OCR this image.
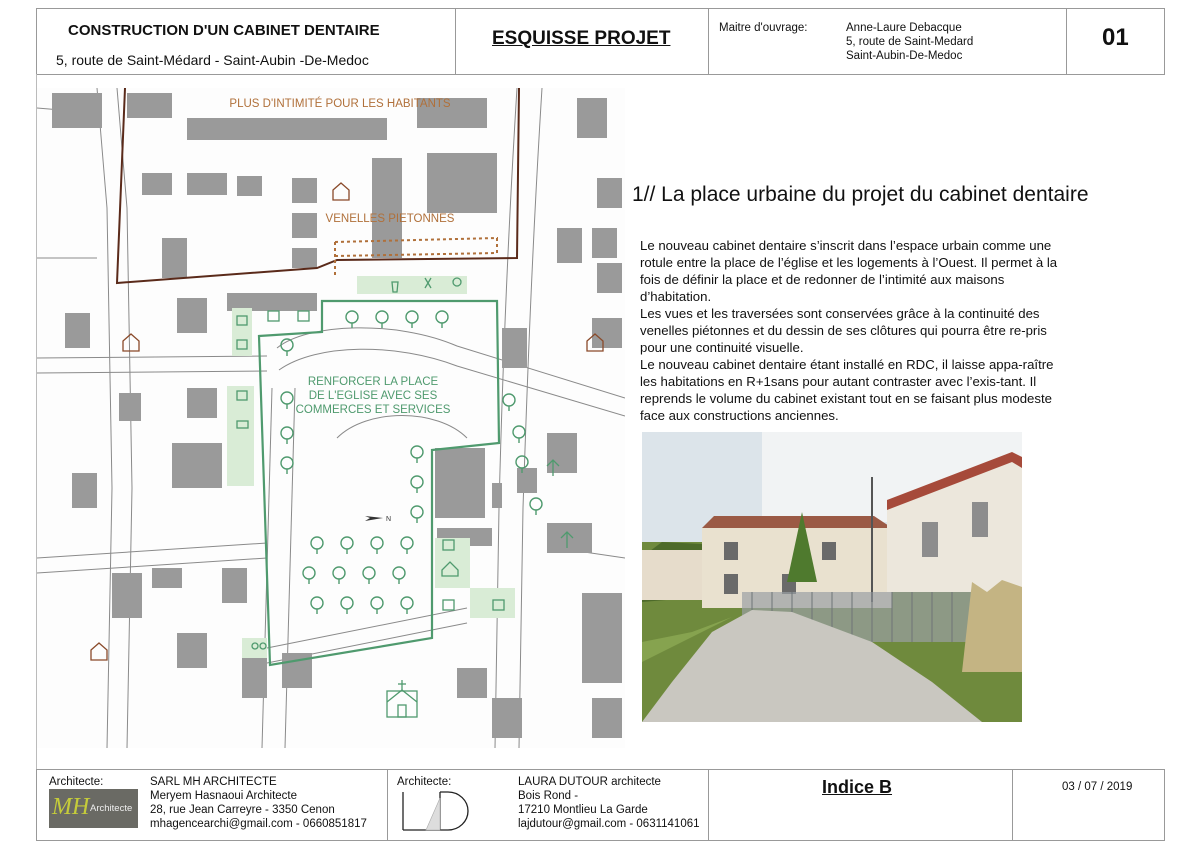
CONSTRUCTION D'UN CABINET DENTAIRE
5, route de Saint-Médard - Saint-Aubin -De-Medoc
ESQUISSE PROJET	Maitre d'ouvrage:	Anne-Laure Debacque
5, route de Saint-Medard
Saint-Aubin-De-Medoc
01
PLUS D'INTIMITÉ POUR LES HABITANTS
VENELLES PIETONNES
RENFORCER LA PLACE
DE L'EGLISE AVEC SES
COMMERCES ET SERVICES
N
1// La place urbaine du projet du cabinet dentaire

Le nouveau cabinet dentaire s’inscrit dans l’espace urbain comme une rotule entre la place de l’église et les logements à l’Ouest. Il permet à la fois de définir la place et de redonner de l’intimité aux maisons d’habitation.

Les vues et les traversées sont conservées grâce à la continuité des venelles piétonnes et du dessin de ses clôtures qui pourra être re-pris pour une continuité visuelle.

Le nouveau cabinet dentaire étant installé en RDC, il laisse appa-raître les habitations en R+1sans pour autant contraster avec l’exis-tant. Il reprends le volume du cabinet existant tout en se faisant plus modeste face aux constructions anciennes.

Architecte:
MH Architecte
SARL MH ARCHITECTE
Meryem Hasnaoui Architecte
28, rue Jean Carreyre - 3350 Cenon
mhagencearchi@gmail.com - 0660851817
Architecte:	LAURA DUTOUR architecte
Bois Rond -
17210 Montlieu La Garde
lajdutour@gmail.com - 0631141061
Indice B	03 / 07 / 2019
